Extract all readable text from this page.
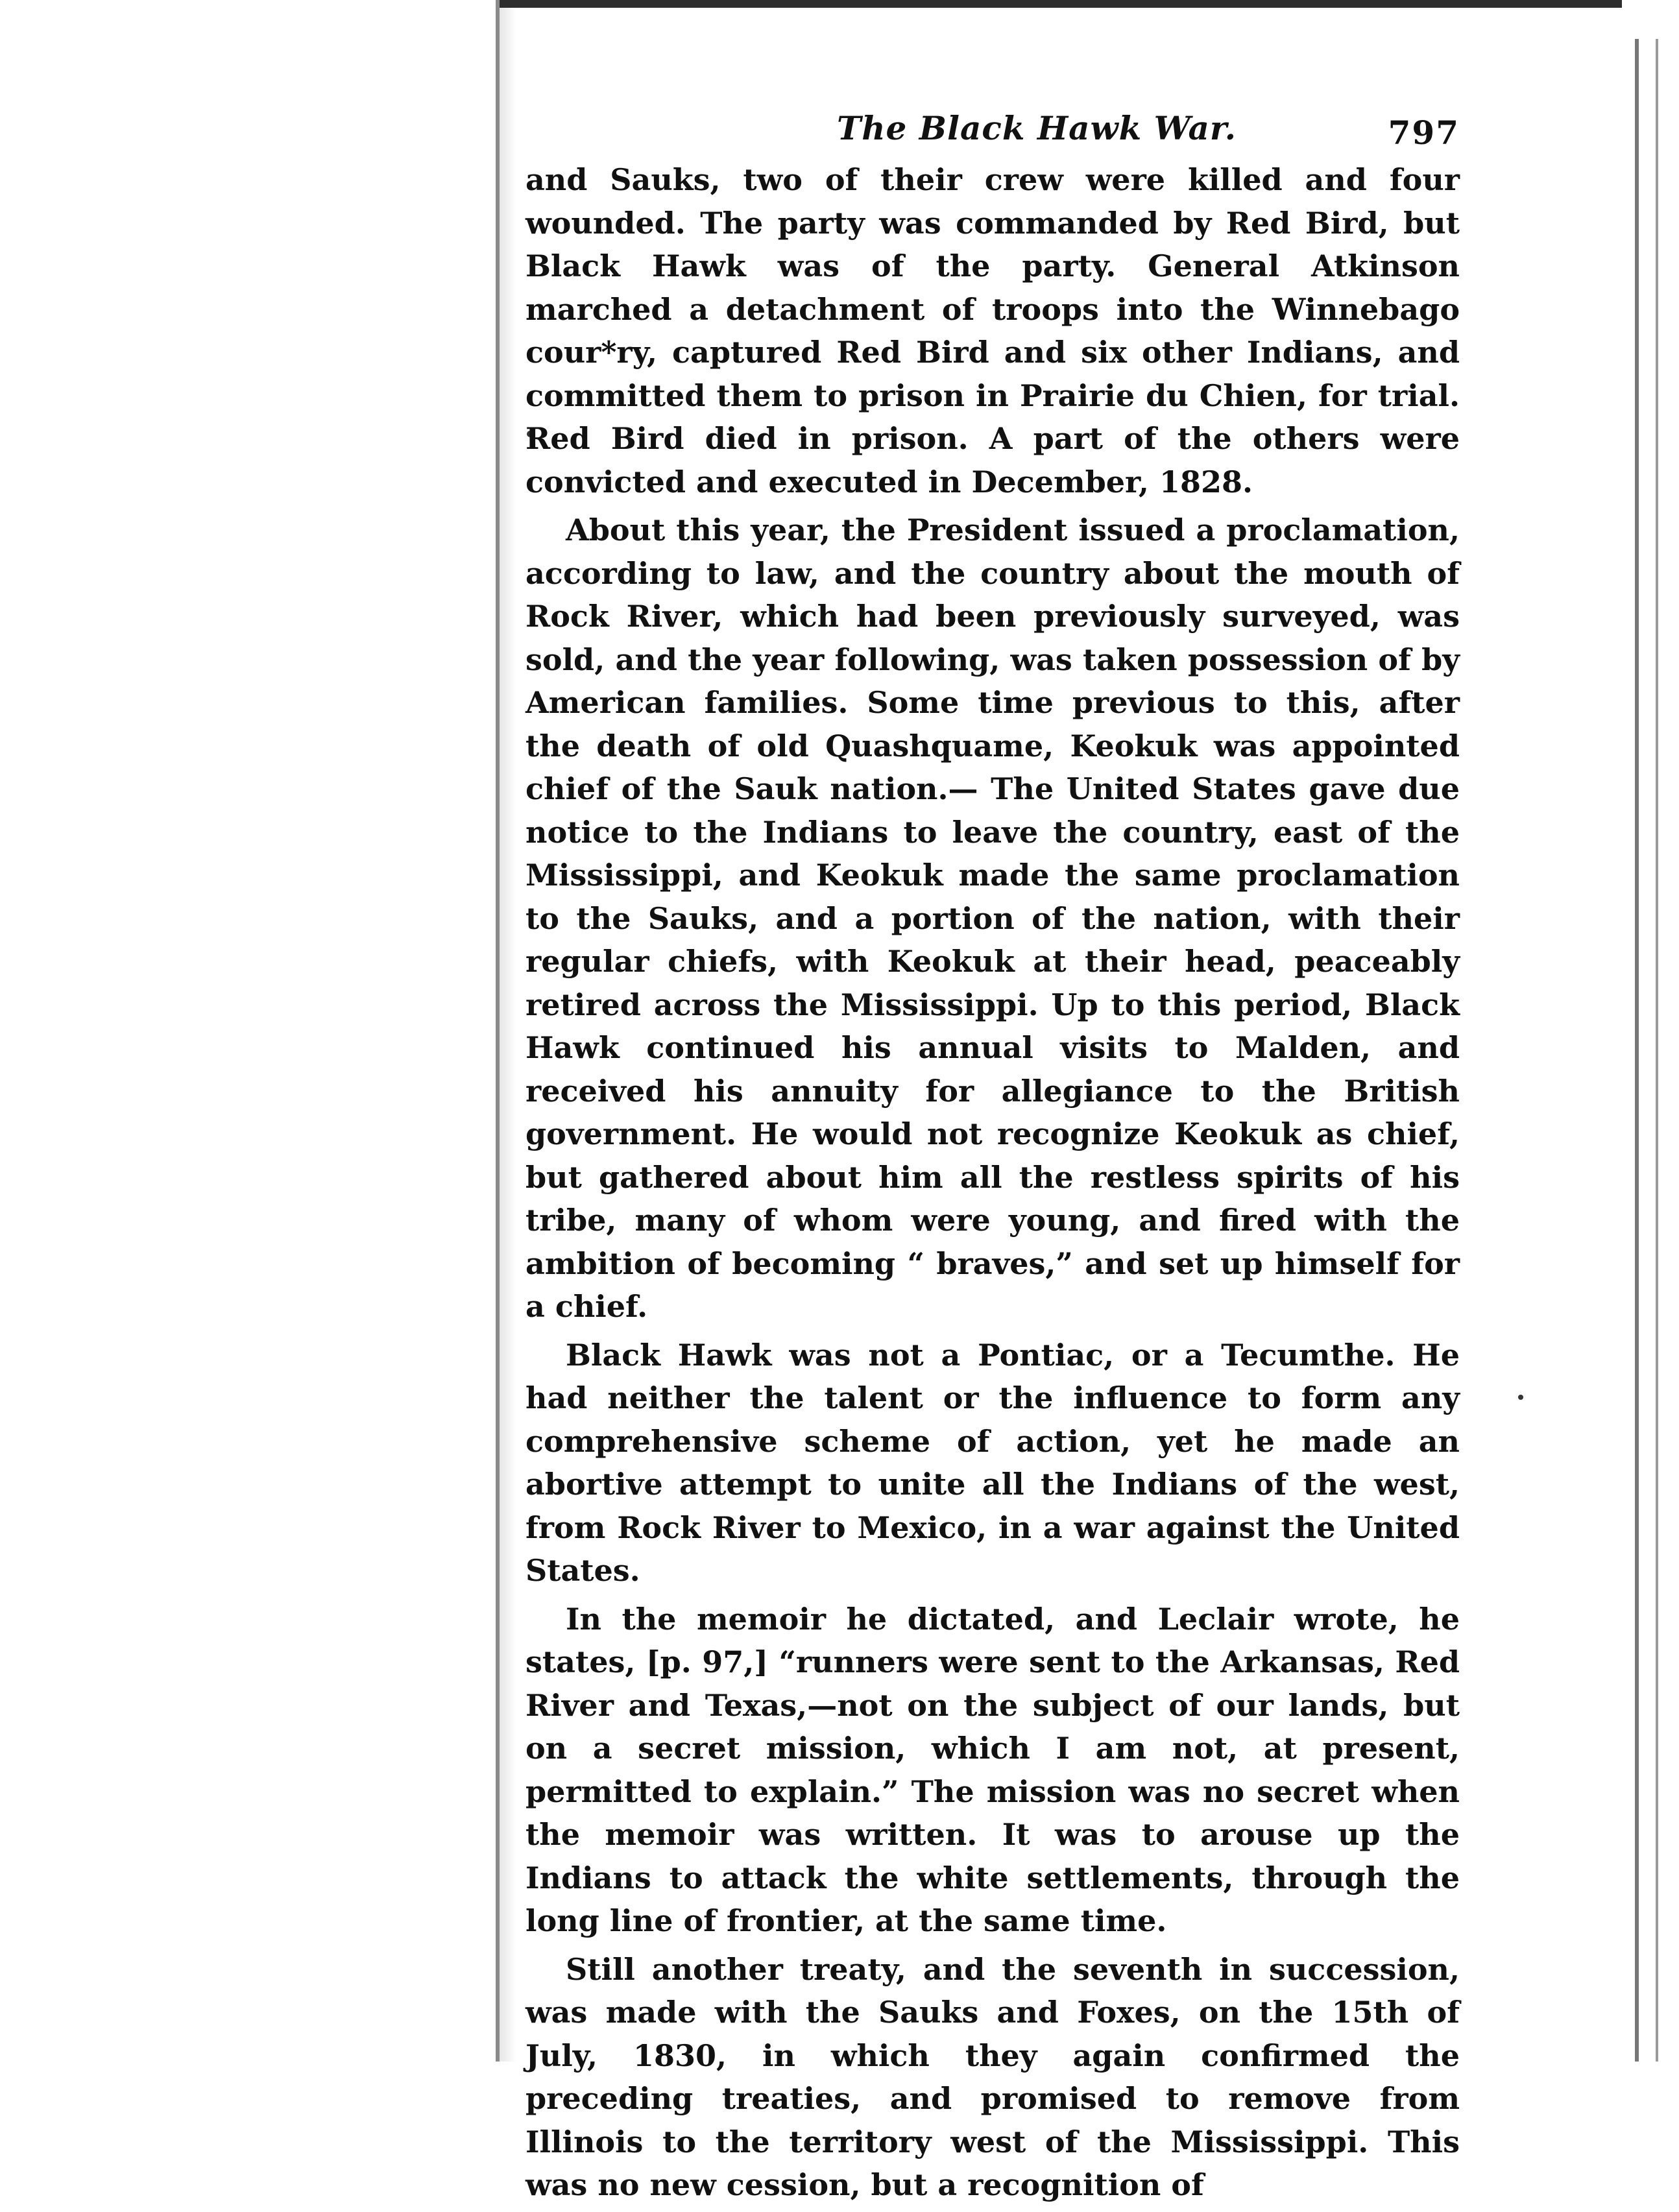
The Black Hawk War.	797

and Sauks, two of their crew were killed and four wounded. The party was commanded by Red Bird, but Black Hawk was of the party. General Atkinson marched a detachment of troops into the Winnebago cour*ry, captured Red Bird and six other Indians, and committed them to prison in Prairie du Chien, for trial. Red Bird died in prison. A part of the others were convicted and executed in December, 1828.

About this year, the President issued a proclamation, according to law, and the country about the mouth of Rock River, which had been previously surveyed, was sold, and the year following, was taken possession of by American families. Some time previous to this, after the death of old Quashquame, Keokuk was appointed chief of the Sauk nation.— The United States gave due notice to the Indians to leave the country, east of the Mississippi, and Keokuk made the same proclamation to the Sauks, and a portion of the nation, with their regular chiefs, with Keokuk at their head, peaceably retired across the Mississippi. Up to this period, Black Hawk continued his annual visits to Malden, and received his annuity for allegiance to the British government. He would not recognize Keokuk as chief, but gathered about him all the restless spirits of his tribe, many of whom were young, and fired with the ambition of becoming “ braves,” and set up himself for a chief.

Black Hawk was not a Pontiac, or a Tecumthe. He had neither the talent or the influence to form any comprehensive scheme of action, yet he made an abortive attempt to unite all the Indians of the west, from Rock River to Mexico, in a war against the United States.

In the memoir he dictated, and Leclair wrote, he states, [p. 97,] “runners were sent to the Arkansas, Red River and Texas,—not on the subject of our lands, but on a secret mission, which I am not, at present, permitted to explain.” The mission was no secret when the memoir was written. It was to arouse up the Indians to attack the white settlements, through the long line of frontier, at the same time.

Still another treaty, and the seventh in succession, was made with the Sauks and Foxes, on the 15th of July, 1830, in which they again confirmed the preceding treaties, and promised to remove from Illinois to the territory west of the Mississippi. This was no new cession, but a recognition of
